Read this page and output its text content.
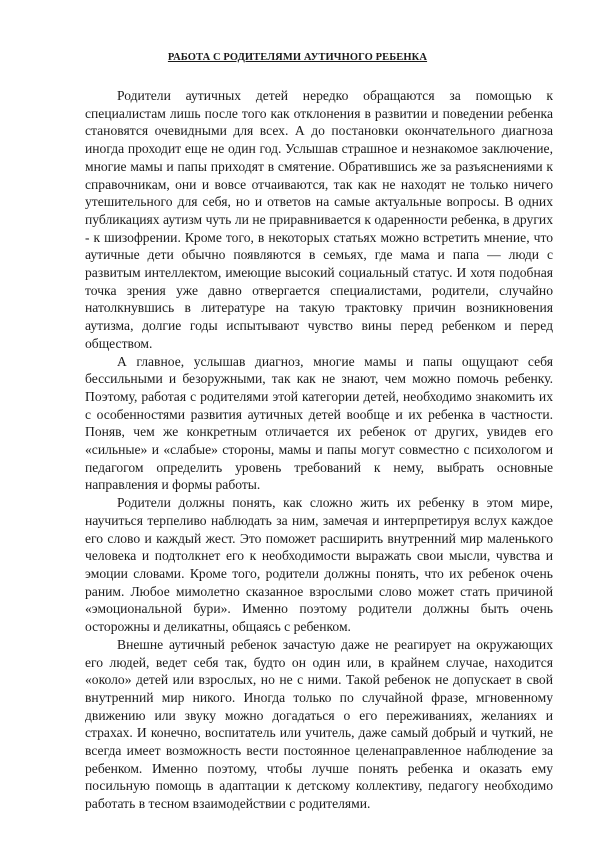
РАБОТА С РОДИТЕЛЯМИ АУТИЧНОГО РЕБЕНКА

Родители аутичных детей нередко обращаются за помощью к специалистам лишь после того как отклонения в развитии и поведении ребенка становятся очевидными для всех. А до постановки окончательного диагноза иногда проходит еще не один год. Услышав страшное и незнакомое заключение, многие мамы и папы приходят в смятение. Обратившись же за разъяснениями к справочникам, они и вовсе отчаиваются, так как не находят не только ничего утешительного для себя, но и ответов на самые актуальные вопросы. В одних публикациях аутизм чуть ли не приравнивается к одаренности ребенка, в других - к шизофрении. Кроме того, в некоторых статьях можно встретить мнение, что аутичные дети обычно появляются в семьях, где мама и папа — люди с развитым интеллектом, имеющие высокий социальный статус. И хотя подобная точка зрения уже давно отвергается специалистами, родители, случайно натолкнувшись в литературе на такую трактовку причин возникновения аутизма, долгие годы испытывают чувство вины перед ребенком и перед обществом.

А главное, услышав диагноз, многие мамы и папы ощущают себя бессильными и безоружными, так как не знают, чем можно помочь ребенку. Поэтому, работая с родителями этой категории детей, необходимо знакомить их с особенностями развития аутичных детей вообще и их ребенка в частности. Поняв, чем же конкретным отличается их ребенок от других, увидев его «сильные» и «слабые» стороны, мамы и папы могут совместно с психологом и педагогом определить уровень требований к нему, выбрать основные направления и формы работы.

Родители должны понять, как сложно жить их ребенку в этом мире, научиться терпеливо наблюдать за ним, замечая и интерпретируя вслух каждое его слово и каждый жест. Это поможет расширить внутренний мир маленького человека и подтолкнет его к необходимости выражать свои мысли, чувства и эмоции словами. Кроме того, родители должны понять, что их ребенок очень раним. Любое мимолетно сказанное взрослыми слово может стать причиной «эмоциональной бури». Именно поэтому родители должны быть очень осторожны и деликатны, общаясь с ребенком.

Внешне аутичный ребенок зачастую даже не реагирует на окружающих его людей, ведет себя так, будто он один или, в крайнем случае, находится «около» детей или взрослых, но не с ними. Такой ребенок не допускает в свой внутренний мир никого. Иногда только по случайной фразе, мгновенному движению или звуку можно догадаться о его переживаниях, желаниях и страхах. И конечно, воспитатель или учитель, даже самый добрый и чуткий, не всегда имеет возможность вести постоянное целенаправленное наблюдение за ребенком. Именно поэтому, чтобы лучше понять ребенка и оказать ему посильную помощь в адаптации к детскому коллективу, педагогу необходимо работать в тесном взаимодействии с родителями.
